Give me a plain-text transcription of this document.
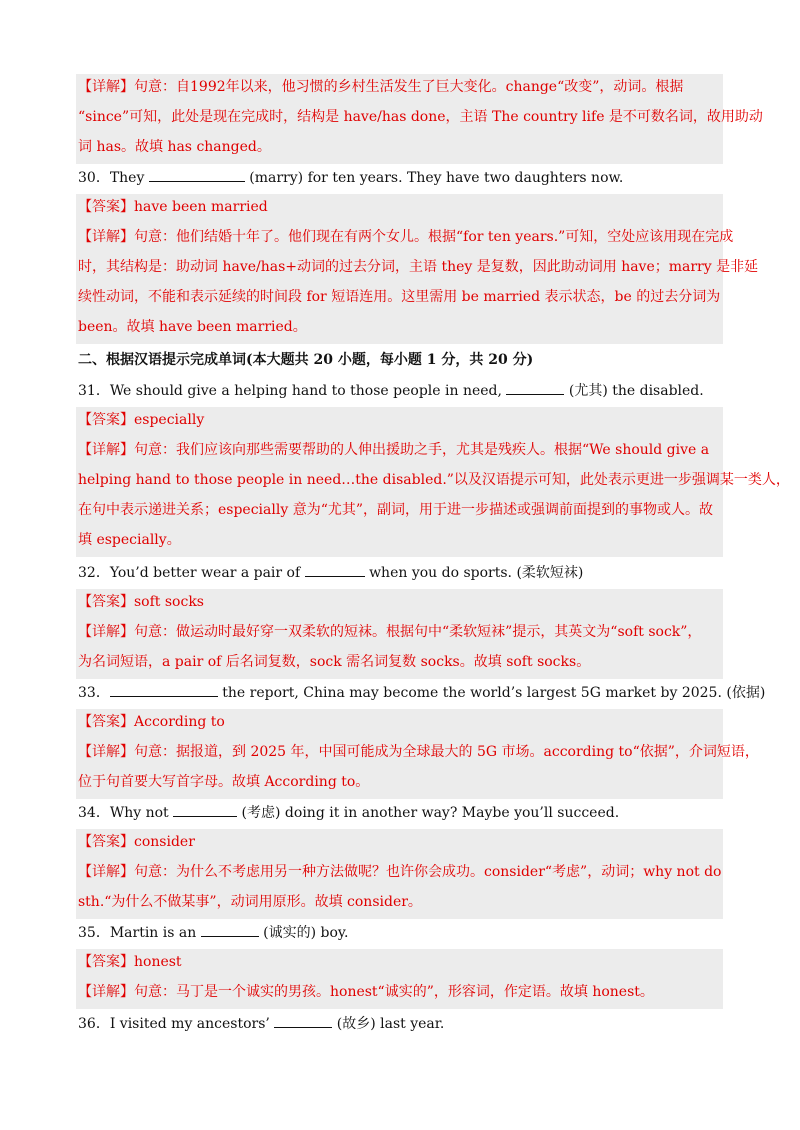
【详解】句意：自1992年以来，他习惯的乡村生活发生了巨大变化。change“改变”，动词。根据
“since”可知，此处是现在完成时，结构是 have/has done，主语 The country life 是不可数名词，故用助动
词 has。故填 has changed。
30．They	(marry) for ten years. They have two daughters now.
【答案】have been married
【详解】句意：他们结婚十年了。他们现在有两个女儿。根据“for ten years.”可知，空处应该用现在完成
时，其结构是：助动词 have/has+动词的过去分词，主语 they 是复数，因此助动词用 have；marry 是非延
续性动词，不能和表示延续的时间段 for 短语连用。这里需用 be married 表示状态，be 的过去分词为
been。故填 have been married。
二、根据汉语提示完成单词(本大题共 20 小题，每小题 1 分，共 20 分)
31．We should give a helping hand to those people in need,	(尤其) the disabled.
【答案】especially
【详解】句意：我们应该向那些需要帮助的人伸出援助之手，尤其是残疾人。根据“We should give a
helping hand to those people in need…the disabled.”以及汉语提示可知，此处表示更进一步强调某一类人，
在句中表示递进关系；especially 意为“尤其”，副词，用于进一步描述或强调前面提到的事物或人。故
填 especially。
32．You’d better wear a pair of	when you do sports. (柔软短袜)
【答案】soft socks
【详解】句意：做运动时最好穿一双柔软的短袜。根据句中“柔软短袜”提示，其英文为“soft sock”，
为名词短语，a pair of 后名词复数，sock 需名词复数 socks。故填 soft socks。
33．	the report, China may become the world’s largest 5G market by 2025. (依据)
【答案】According to
【详解】句意：据报道，到 2025 年，中国可能成为全球最大的 5G 市场。according to“依据”，介词短语，
位于句首要大写首字母。故填 According to。
34．Why not	(考虑) doing it in another way? Maybe you’ll succeed.
【答案】consider
【详解】句意：为什么不考虑用另一种方法做呢？也许你会成功。consider“考虑”，动词；why not do
sth.“为什么不做某事”，动词用原形。故填 consider。
35．Martin is an	(诚实的) boy.
【答案】honest
【详解】句意：马丁是一个诚实的男孩。honest“诚实的”，形容词，作定语。故填 honest。
36．I visited my ancestors’	(故乡) last year.
